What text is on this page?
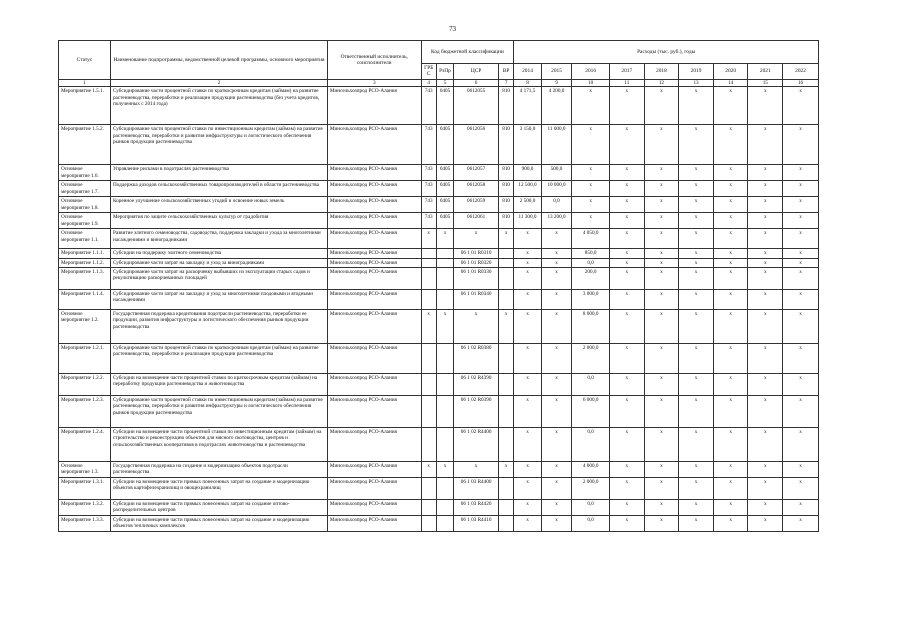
73
Статус	Наименование подпрограммы, ведомственной целевой программы, основного мероприятия	Ответственный исполнитель, соисполнители	Код бюджетной классификации				Расходы (тыс. руб.), годы								
			ГРБС	РзПр	ЦСР	ВР	2014	2015	2016	2017	2018	2019	2020	2021	2022
1	2	3	4	5	6	7	8	9	10	11	12	13	14	15	16
Мероприятие 1.5.1.	Субсидирование части процентной ставки по краткосрочным кредитам (займам) на развитие растениеводства, переработки и реализации продукции растениеводства (без учета кредитов, полученных с 2014 года)	Минсельхозпрод РСО-Алания	743	0405	0612055	810	4 171,5	4 200,0	х	х	х	х	х	х	х
Мероприятие 1.5.2.	Субсидирование части процентной ставки по инвестиционным кредитам (займам) на развитие растениеводства, переработки и развития инфраструктуры и логистического обеспечения рынков продукции растениеводства	Минсельхозпрод РСО-Алания	743	0405	0612056	810	3 150,0	11 000,0	х	х	х	х	х	х	х
Основное мероприятие 1.6.	Управление рисками в подотраслях растениеводства	Минсельхозпрод РСО-Алания	743	0405	0612057	810	900,0	500,0	х	х	х	х	х	х	х
Основное мероприятие 1.7.	Поддержка доходов сельскохозяйственных товаропроизводителей в области растениеводства	Минсельхозпрод РСО-Алания	743	0405	0612058	810	12 500,0	10 000,0	х	х	х	х	х	х	х
Основное мероприятие 1.8.	Коренное улучшение сельскохозяйственных угодий и освоение новых земель	Минсельхозпрод РСО-Алания	743	0405	0612059	810	2 500,0	0,0	х	х	х	х	х	х	х
Основное мероприятие 1.9.	Мероприятия по защите сельскохозяйственных культур от градобития	Минсельхозпрод РСО-Алания	743	0405	0612061	810	11 300,0	13 200,0	х	х	х	х	х	х	х
Основное мероприятие 1.1.	Развитие элитного семеноводства, садоводства, поддержка закладки и ухода за многолетними насаждениями и виноградниками	Минсельхозпрод РСО-Алания	х	х	х	х	х	х	4 050,0	х	х	х	х	х	х
Мероприятие 1.1.1.	Субсидии на поддержку элитного семеноводства	Минсельхозпрод РСО-Алания			06 1 01 R0310		х	х	850,0	х	х	х	х	х	х
Мероприятие 1.1.2.	Субсидирование части затрат на закладку и уход за виноградниками	Минсельхозпрод РСО-Алания			06 1 01 R0320		х	х	0,0	х	х	х	х	х	х
Мероприятие 1.1.3.	Субсидирование части затрат на раскорчевку выбывших из эксплуатации старых садов и рекультивацию раскорчеванных площадей	Минсельхозпрод РСО-Алания			06 1 01 R0330		х	х	200,0	х	х	х	х	х	х
Мероприятие 1.1.4.	Субсидирование части затрат на закладку и уход за многолетними плодовыми и ягодными насаждениями	Минсельхозпрод РСО-Алания			06 1 01 R0340		х	х	3 000,0	х	х	х	х	х	х
Основное мероприятие 1.2.	Государственная поддержка кредитования подотрасли растениеводства, переработки ее продукции, развития инфраструктуры и логистического обеспечения рынков продукции растениеводства	Минсельхозпрод РСО-Алания	х	х	х	х	х	х	8 000,0	х	х	х	х	х	х
Мероприятие 1.2.1.	Субсидирование части процентной ставки по краткосрочным кредитам (займам) на развитие растениеводства, переработки и реализации продукции растениеводства	Минсельхозпрод РСО-Алания			06 1 02 R0380		х	х	2 000,0	х	х	х	х	х	х
Мероприятие 1.2.2.	Субсидии на возмещение части процентной ставки по краткосрочным кредитам (займам) на переработку продукции растениеводства и животноводства	Минсельхозпрод РСО-Алания			06 1 02 R4390		х	х	0,0	х	х	х	х	х	х
Мероприятие 1.2.3.	Субсидирование части процентной ставки по инвестиционным кредитам (займам) на развитие растениеводства, переработки и развития инфраструктуры и логистического обеспечения рынков продукции растениеводства	Минсельхозпрод РСО-Алания			06 1 02 R0390		х	х	6 000,0	х	х	х	х	х	х
Мероприятие 1.2.4.	Субсидии на возмещение части процентной ставки по инвестиционным кредитам (займам) на строительство и реконструкцию объектов для мясного скотоводства, центров и сельскохозяйственных кооперативов в подотраслях животноводства и растениеводства	Минсельхозпрод РСО-Алания			06 1 02 R4400		х	х	0,0	х	х	х	х	х	х
Основное мероприятие 1.3.	Государственная поддержка на создание и модернизацию объектов подотрасли растениеводства	Минсельхозпрод РСО-Алания	х	х	х	х	х	х	4 000,0	х	х	х	х	х	х
Мероприятие 1.3.1.	Субсидии на возмещение части прямых понесенных затрат на создание и модернизацию объектов картофелехранилищ и овощехранилищ	Минсельхозпрод РСО-Алания			06 1 03 R4400		х	х	2 000,0	х	х	х	х	х	х
Мероприятие 1.3.2.	Субсидии на возмещение части прямых понесенных затрат на создание оптово-распределительных центров	Минсельхозпрод РСО-Алания			06 1 03 R4420		х	х	0,0	х	х	х	х	х	х
Мероприятие 1.3.3.	Субсидии на возмещение части прямых понесенных затрат на создание и модернизацию объектов тепличных комплексов	Минсельхозпрод РСО-Алания			06 1 03 R4410		х	х	0,0	х	х	х	х	х	х
